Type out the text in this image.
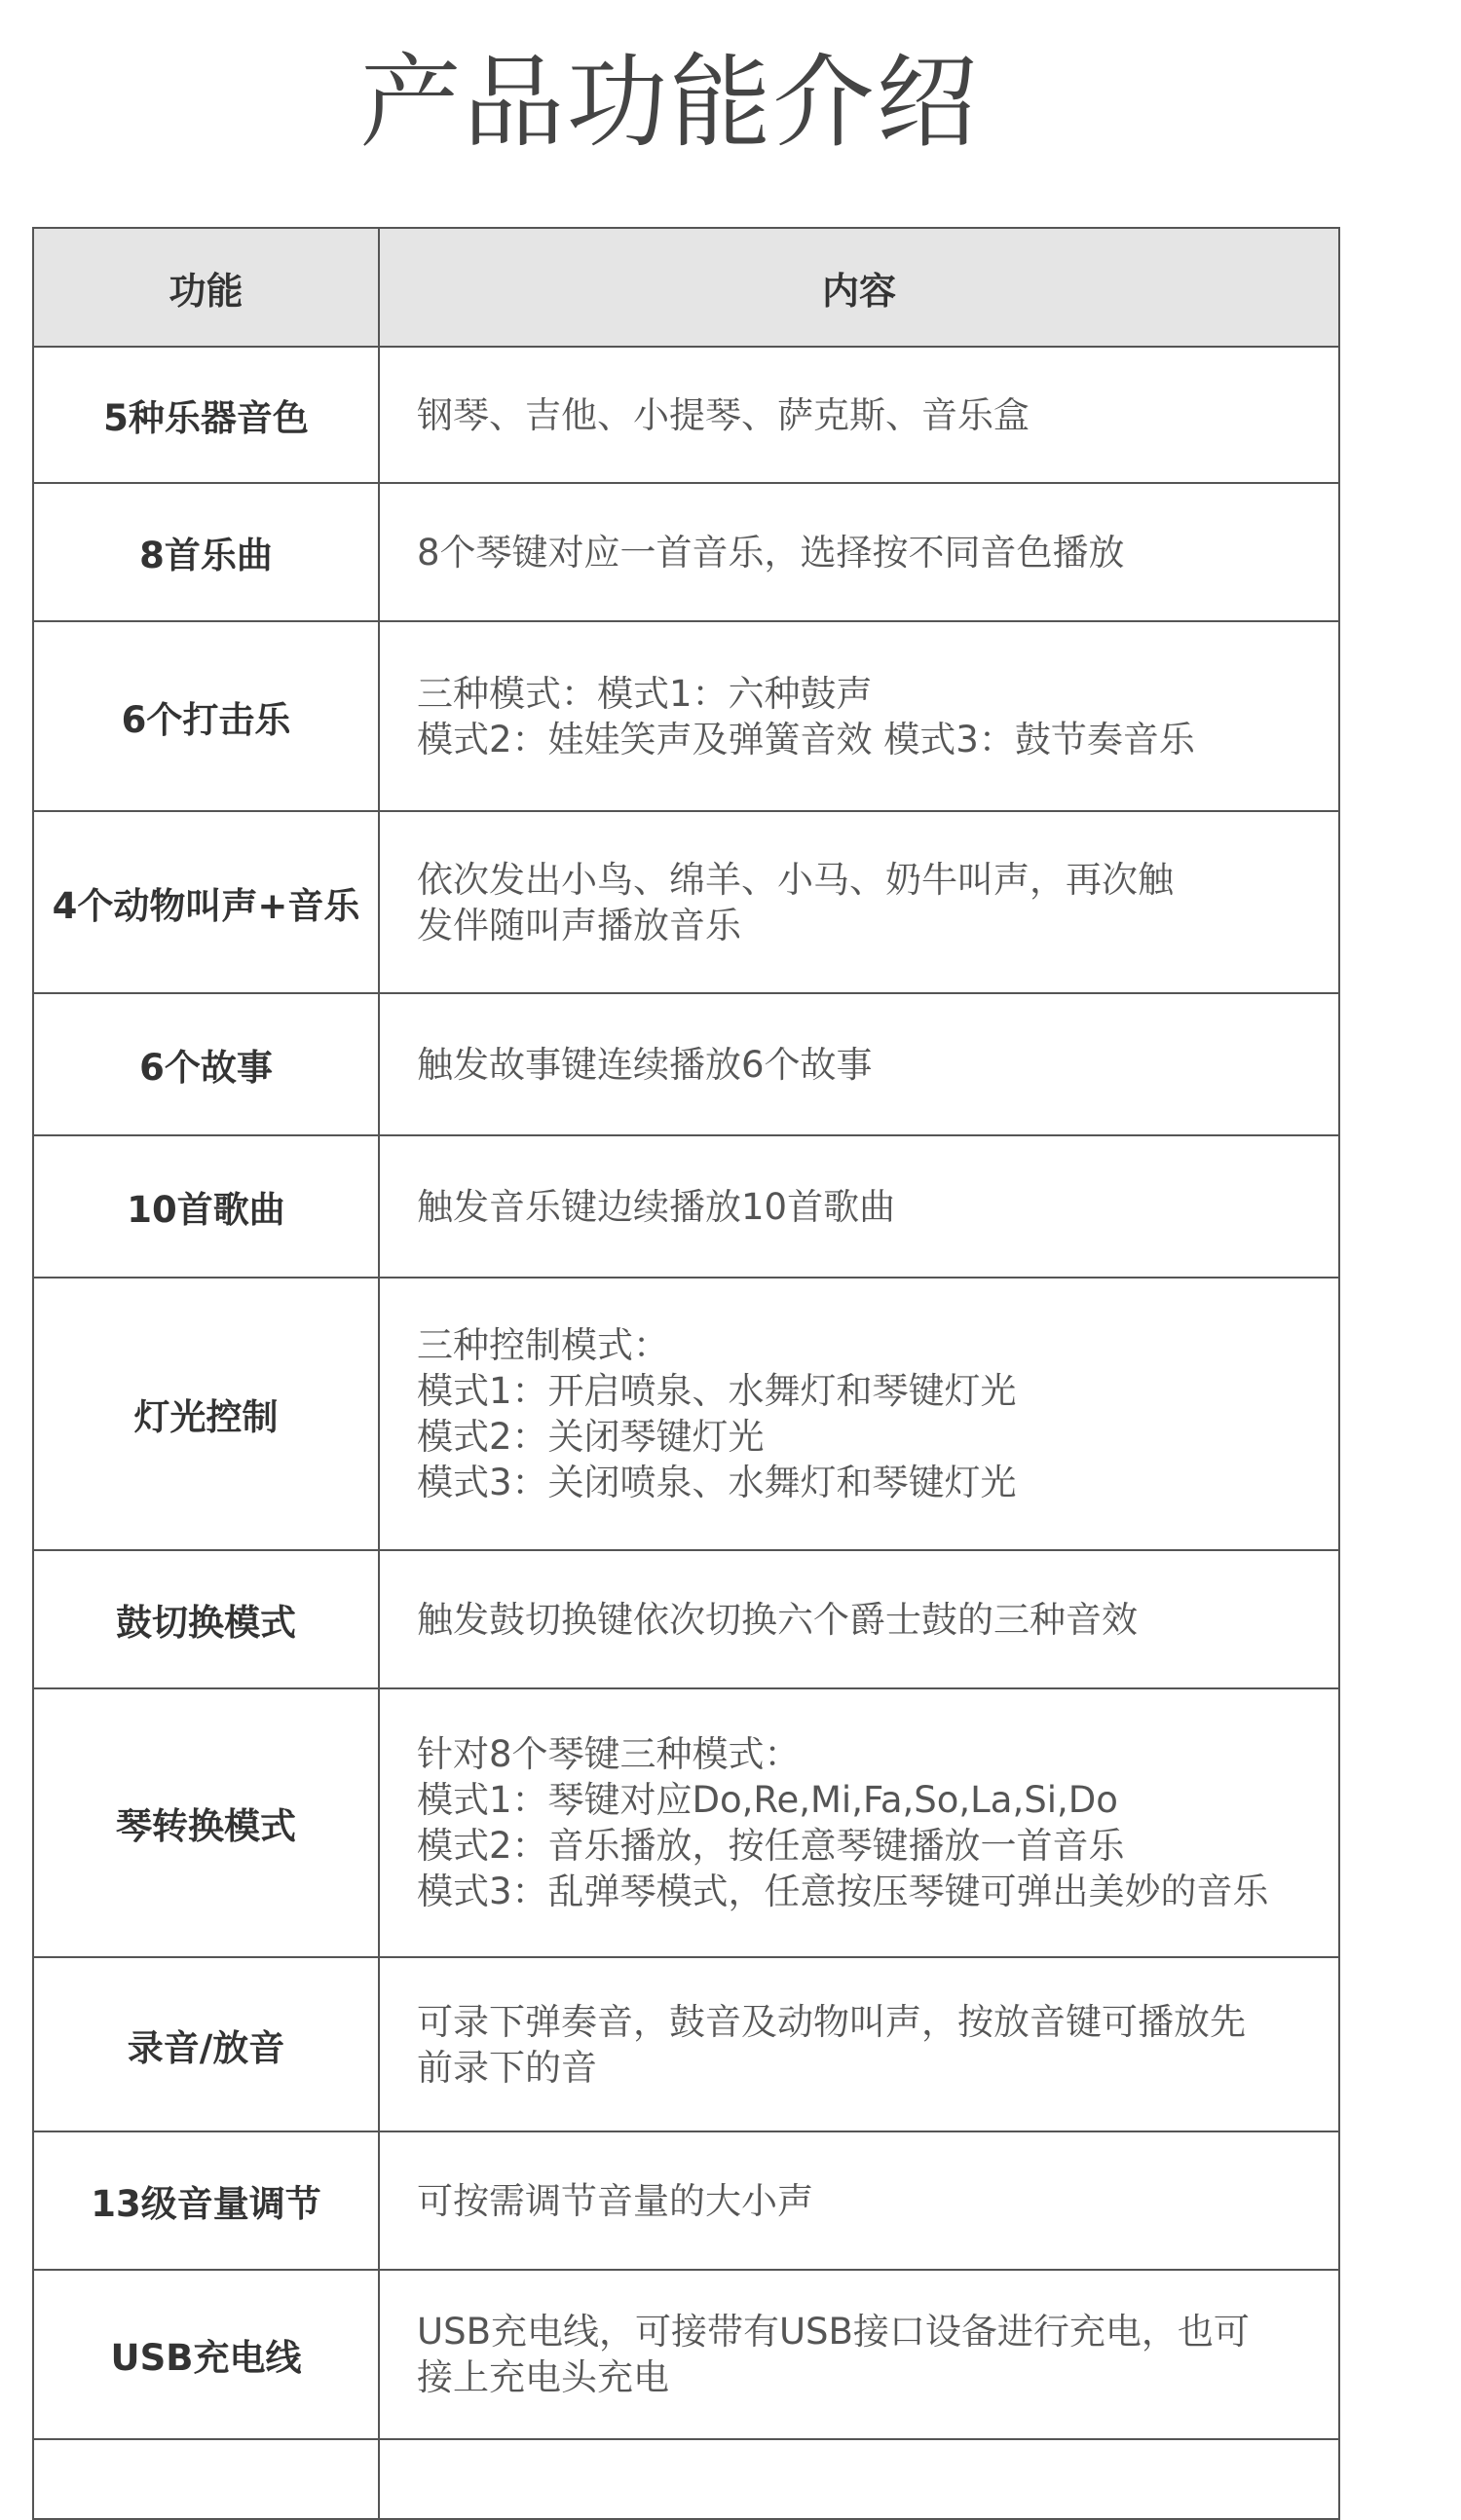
产品功能介绍
功能	内容
5种乐器音色	钢琴、吉他、小提琴、萨克斯、音乐盒

8首乐曲	8个琴键对应一首音乐，选择按不同音色播放

6个打击乐	三种模式：模式1：六种鼓声
模式2：娃娃笑声及弹簧音效 模式3：鼓节奏音乐

4个动物叫声+音乐	依次发出小鸟、绵羊、小马、奶牛叫声，再次触
发伴随叫声播放音乐

6个故事	触发故事键连续播放6个故事

10首歌曲	触发音乐键边续播放10首歌曲

灯光控制	三种控制模式：
模式1：开启喷泉、水舞灯和琴键灯光
模式2：关闭琴键灯光
模式3：关闭喷泉、水舞灯和琴键灯光

鼓切换模式	触发鼓切换键依次切换六个爵士鼓的三种音效

琴转换模式	针对8个琴键三种模式：
模式1：琴键对应Do,Re,Mi,Fa,So,La,Si,Do
模式2：音乐播放，按任意琴键播放一首音乐
模式3：乱弹琴模式，任意按压琴键可弹出美妙的音乐

录音/放音	可录下弹奏音，鼓音及动物叫声，按放音键可播放先
前录下的音

13级音量调节	可按需调节音量的大小声

USB充电线	USB充电线，可接带有USB接口设备进行充电，也可
接上充电头充电
